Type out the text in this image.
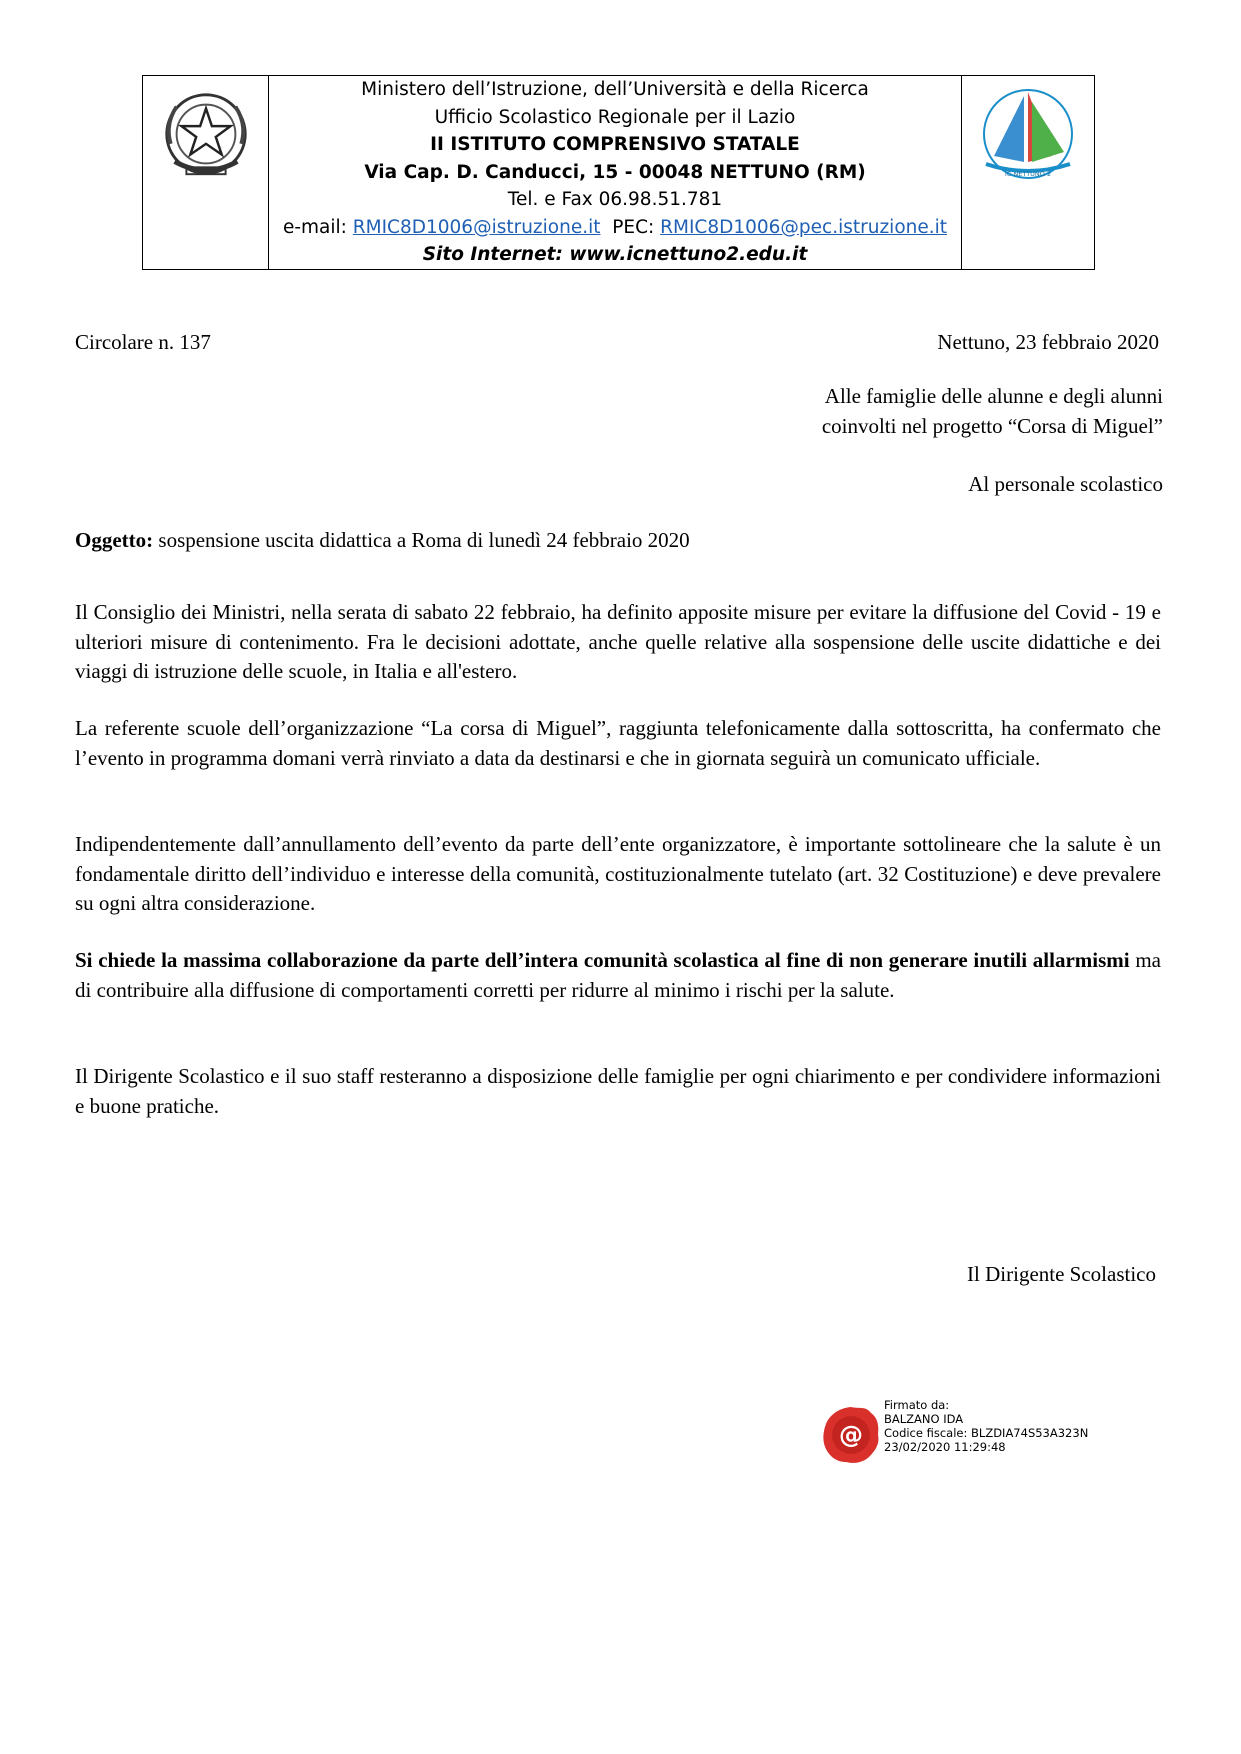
Ministero dell’Istruzione, dell’Università e della Ricerca
Ufficio Scolastico Regionale per il Lazio
II ISTITUTO COMPRENSIVO STATALE
Via Cap. D. Canducci, 15 - 00048 NETTUNO (RM)
Tel. e Fax 06.98.51.781
e-mail: RMIC8D1006@istruzione.it PEC: RMIC8D1006@pec.istruzione.it
Sito Internet: www.icnettuno2.edu.it
IC NETTUNO 2
Circolare n. 137	Nettuno, 23 febbraio 2020
Alle famiglie delle alunne e degli alunni
coinvolti nel progetto “Corsa di Miguel”
Al personale scolastico
Oggetto: sospensione uscita didattica a Roma di lunedì 24 febbraio 2020
Il Consiglio dei Ministri, nella serata di sabato 22 febbraio, ha definito apposite misure per evitare la diffusione del Covid - 19 e ulteriori misure di contenimento. Fra le decisioni adottate, anche quelle relative alla sospensione delle uscite didattiche e dei viaggi di istruzione delle scuole, in Italia e all'estero.
La referente scuole dell’organizzazione “La corsa di Miguel”, raggiunta telefonicamente dalla sottoscritta, ha confermato che l’evento in programma domani verrà rinviato a data da destinarsi e che in giornata seguirà un comunicato ufficiale.
Indipendentemente dall’annullamento dell’evento da parte dell’ente organizzatore, è importante sottolineare che la salute è un fondamentale diritto dell’individuo e interesse della comunità, costituzionalmente tutelato (art. 32 Costituzione) e deve prevalere su ogni altra considerazione.
Si chiede la massima collaborazione da parte dell’intera comunità scolastica al fine di non generare inutili allarmismi ma di contribuire alla diffusione di comportamenti corretti per ridurre al minimo i rischi per la salute.
Il Dirigente Scolastico e il suo staff resteranno a disposizione delle famiglie per ogni chiarimento e per condividere informazioni e buone pratiche.
Il Dirigente Scolastico
@
Firmato da:
BALZANO IDA
Codice fiscale: BLZDIA74S53A323N
23/02/2020 11:29:48
